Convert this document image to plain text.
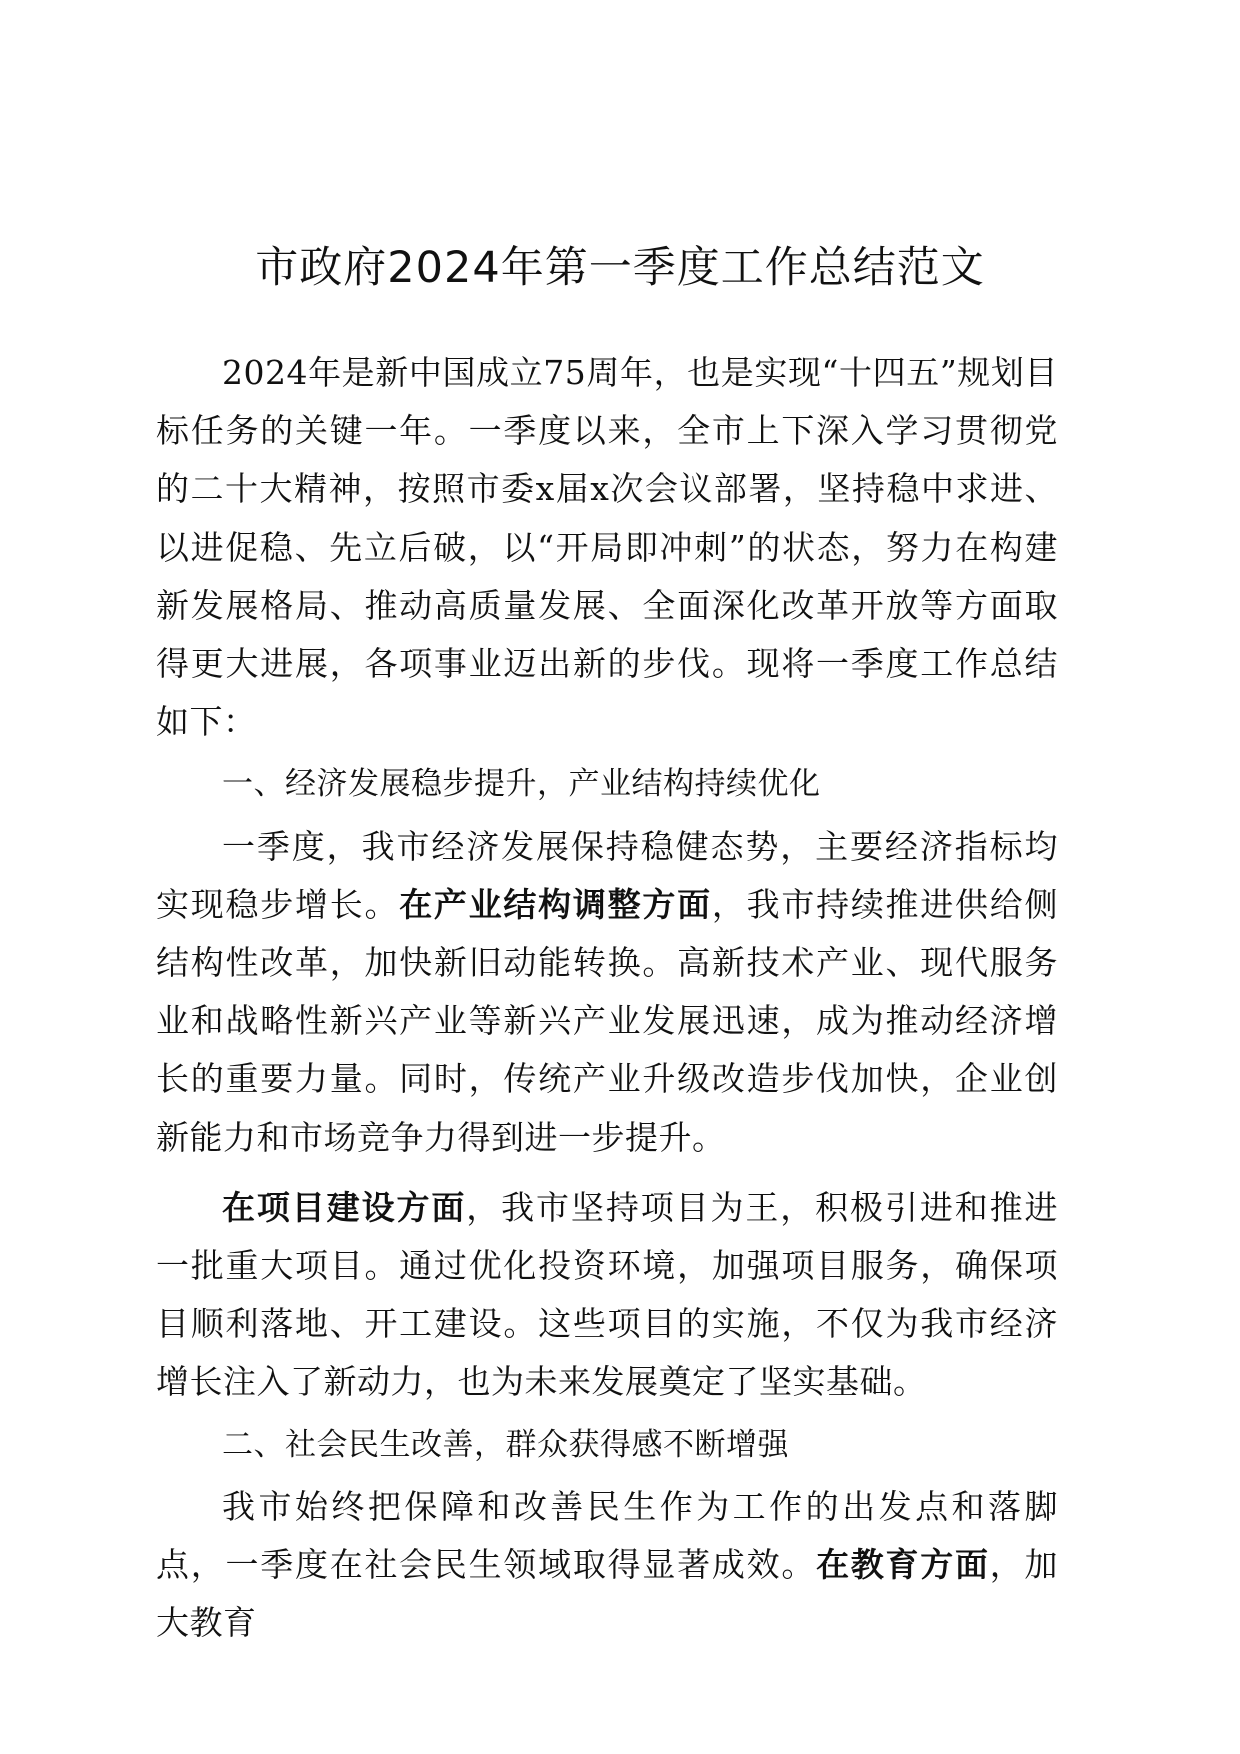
市政府2024年第一季度工作总结范文

2024年是新中国成立75周年，也是实现“十四五”规划目标任务的关键一年。一季度以来，全市上下深入学习贯彻党的二十大精神，按照市委x届x次会议部署，坚持稳中求进、以进促稳、先立后破，以“开局即冲刺”的状态，努力在构建新发展格局、推动高质量发展、全面深化改革开放等方面取得更大进展，各项事业迈出新的步伐。现将一季度工作总结如下：

一、经济发展稳步提升，产业结构持续优化

一季度，我市经济发展保持稳健态势，主要经济指标均实现稳步增长。在产业结构调整方面，我市持续推进供给侧结构性改革，加快新旧动能转换。高新技术产业、现代服务业和战略性新兴产业等新兴产业发展迅速，成为推动经济增长的重要力量。同时，传统产业升级改造步伐加快，企业创新能力和市场竞争力得到进一步提升。

在项目建设方面，我市坚持项目为王，积极引进和推进一批重大项目。通过优化投资环境，加强项目服务，确保项目顺利落地、开工建设。这些项目的实施，不仅为我市经济增长注入了新动力，也为未来发展奠定了坚实基础。

二、社会民生改善，群众获得感不断增强

我市始终把保障和改善民生作为工作的出发点和落脚点，一季度在社会民生领域取得显著成效。在教育方面，加大教育
